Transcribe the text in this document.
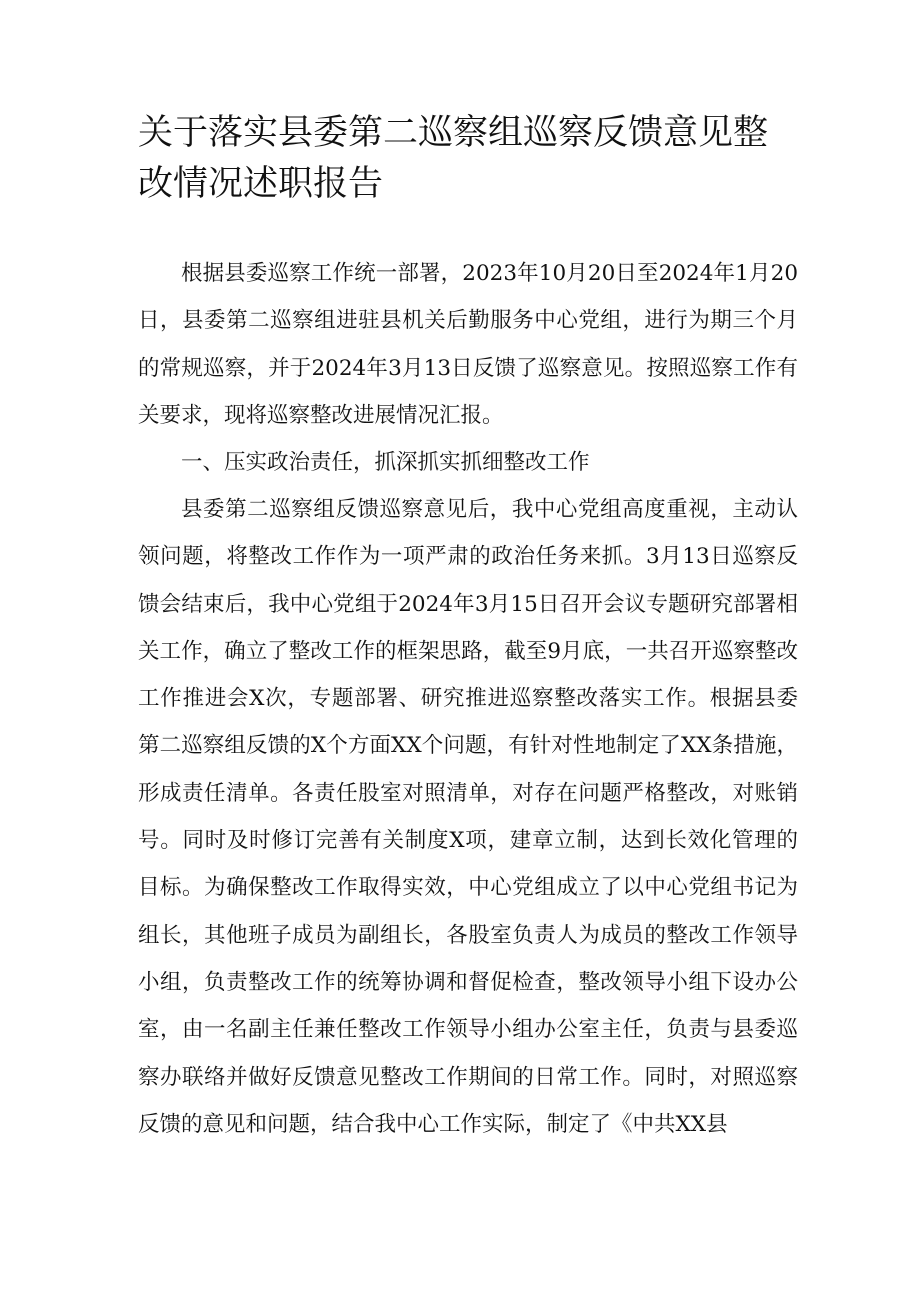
关于落实县委第二巡察组巡察反馈意见整改情况述职报告

根据县委巡察工作统一部署，2023年10月20日至2024年1月20日，县委第二巡察组进驻县机关后勤服务中心党组，进行为期三个月的常规巡察，并于2024年3月13日反馈了巡察意见。按照巡察工作有关要求，现将巡察整改进展情况汇报。

一、压实政治责任，抓深抓实抓细整改工作

县委第二巡察组反馈巡察意见后，我中心党组高度重视，主动认领问题，将整改工作作为一项严肃的政治任务来抓。3月13日巡察反馈会结束后，我中心党组于2024年3月15日召开会议专题研究部署相关工作，确立了整改工作的框架思路，截至9月底，一共召开巡察整改工作推进会X次，专题部署、研究推进巡察整改落实工作。根据县委第二巡察组反馈的X个方面XX个问题，有针对性地制定了XX条措施，形成责任清单。各责任股室对照清单，对存在问题严格整改，对账销号。同时及时修订完善有关制度X项，建章立制，达到长效化管理的目标。为确保整改工作取得实效，中心党组成立了以中心党组书记为组长，其他班子成员为副组长，各股室负责人为成员的整改工作领导小组，负责整改工作的统筹协调和督促检查，整改领导小组下设办公室，由一名副主任兼任整改工作领导小组办公室主任，负责与县委巡察办联络并做好反馈意见整改工作期间的日常工作。同时，对照巡察反馈的意见和问题，结合我中心工作实际，制定了《中共XX县
